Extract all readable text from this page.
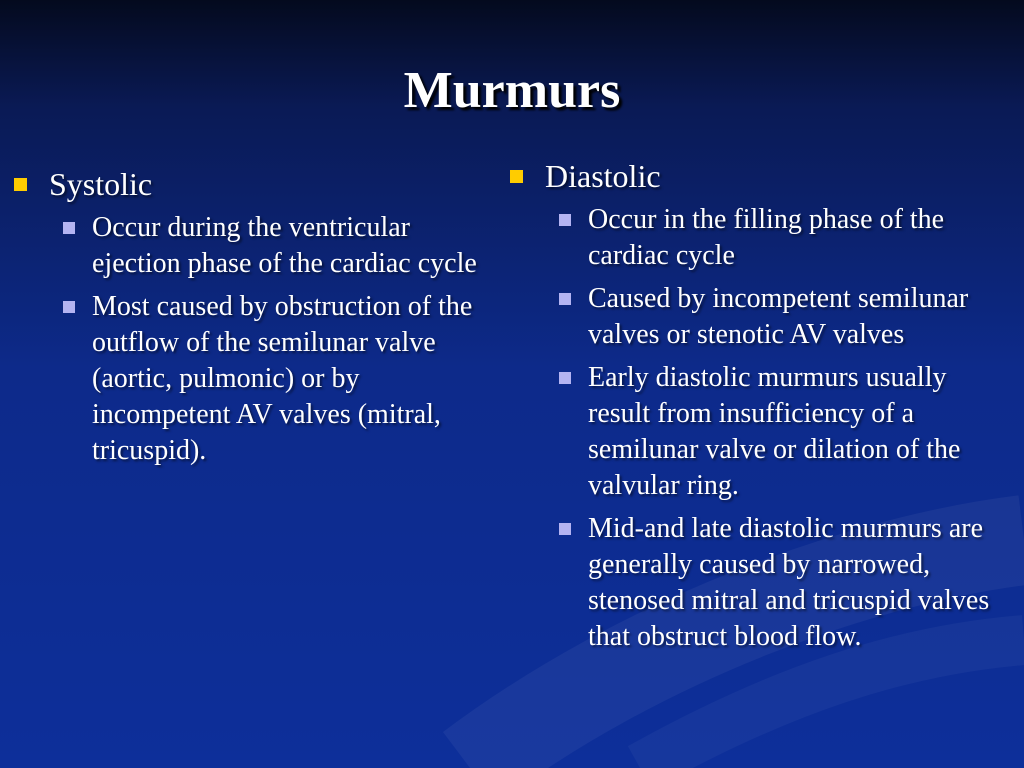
Murmurs
Systolic
Occur during the ventricular ejection phase of the cardiac cycle
Most caused by obstruction of the outflow of the semilunar valve (aortic, pulmonic) or by incompetent AV valves (mitral, tricuspid).
Diastolic
Occur in the filling phase of the cardiac cycle
Caused by incompetent semilunar valves or stenotic AV valves
Early diastolic murmurs usually result from insufficiency of a semilunar valve or dilation of the valvular ring.
Mid-and late diastolic murmurs are generally caused by narrowed, stenosed mitral and tricuspid valves that obstruct blood flow.
